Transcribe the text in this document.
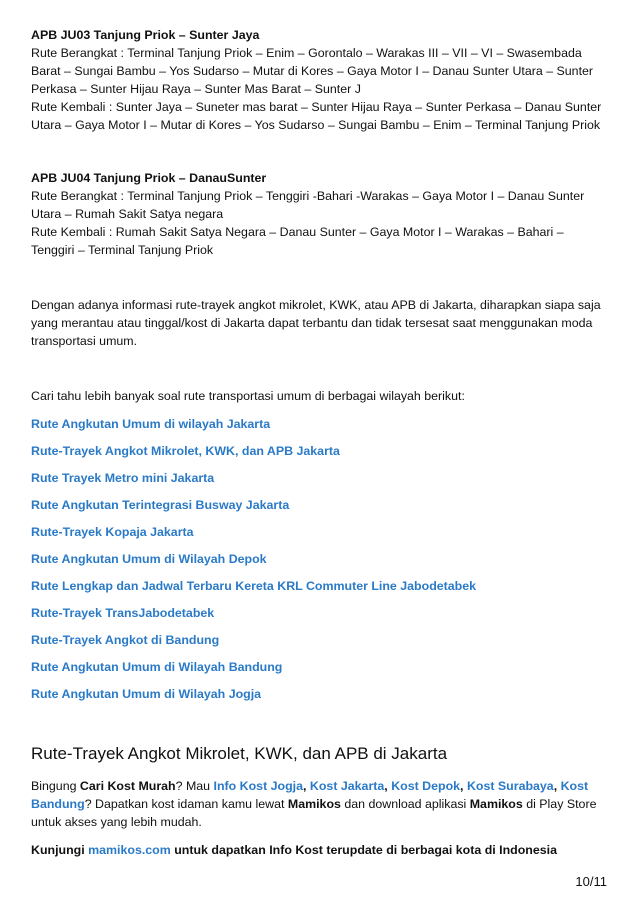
APB JU03 Tanjung Priok – Sunter Jaya

Rute Berangkat : Terminal Tanjung Priok – Enim – Gorontalo – Warakas III – VII – VI – Swasembada Barat – Sungai Bambu – Yos Sudarso – Mutar di Kores – Gaya Motor I – Danau Sunter Utara – Sunter Perkasa – Sunter Hijau Raya – Sunter Mas Barat – Sunter J

Rute Kembali : Sunter Jaya – Suneter mas barat – Sunter Hijau Raya – Sunter Perkasa – Danau Sunter Utara – Gaya Motor I – Mutar di Kores – Yos Sudarso – Sungai Bambu – Enim – Terminal Tanjung Priok

APB JU04 Tanjung Priok – DanauSunter

Rute Berangkat : Terminal Tanjung Priok – Tenggiri -Bahari -Warakas – Gaya Motor I – Danau Sunter Utara – Rumah Sakit Satya negara

Rute Kembali : Rumah Sakit Satya Negara – Danau Sunter – Gaya Motor I – Warakas – Bahari – Tenggiri – Terminal Tanjung Priok

Dengan adanya informasi rute-trayek angkot mikrolet, KWK, atau APB di Jakarta, diharapkan siapa saja yang merantau atau tinggal/kost di Jakarta dapat terbantu dan tidak tersesat saat menggunakan moda transportasi umum.

Cari tahu lebih banyak soal rute transportasi umum di berbagai wilayah berikut:

Rute Angkutan Umum di wilayah Jakarta
Rute-Trayek Angkot Mikrolet, KWK, dan APB Jakarta
Rute Trayek Metro mini Jakarta
Rute Angkutan Terintegrasi Busway Jakarta
Rute-Trayek Kopaja Jakarta
Rute Angkutan Umum di Wilayah Depok
Rute Lengkap dan Jadwal Terbaru Kereta KRL Commuter Line Jabodetabek
Rute-Trayek TransJabodetabek
Rute-Trayek Angkot di Bandung
Rute Angkutan Umum di Wilayah Bandung
Rute Angkutan Umum di Wilayah Jogja
Rute-Trayek Angkot Mikrolet, KWK, dan APB di Jakarta

Bingung Cari Kost Murah? Mau Info Kost Jogja, Kost Jakarta, Kost Depok, Kost Surabaya, Kost Bandung? Dapatkan kost idaman kamu lewat Mamikos dan download aplikasi Mamikos di Play Store untuk akses yang lebih mudah.

Kunjungi mamikos.com untuk dapatkan Info Kost terupdate di berbagai kota di Indonesia

10/11
